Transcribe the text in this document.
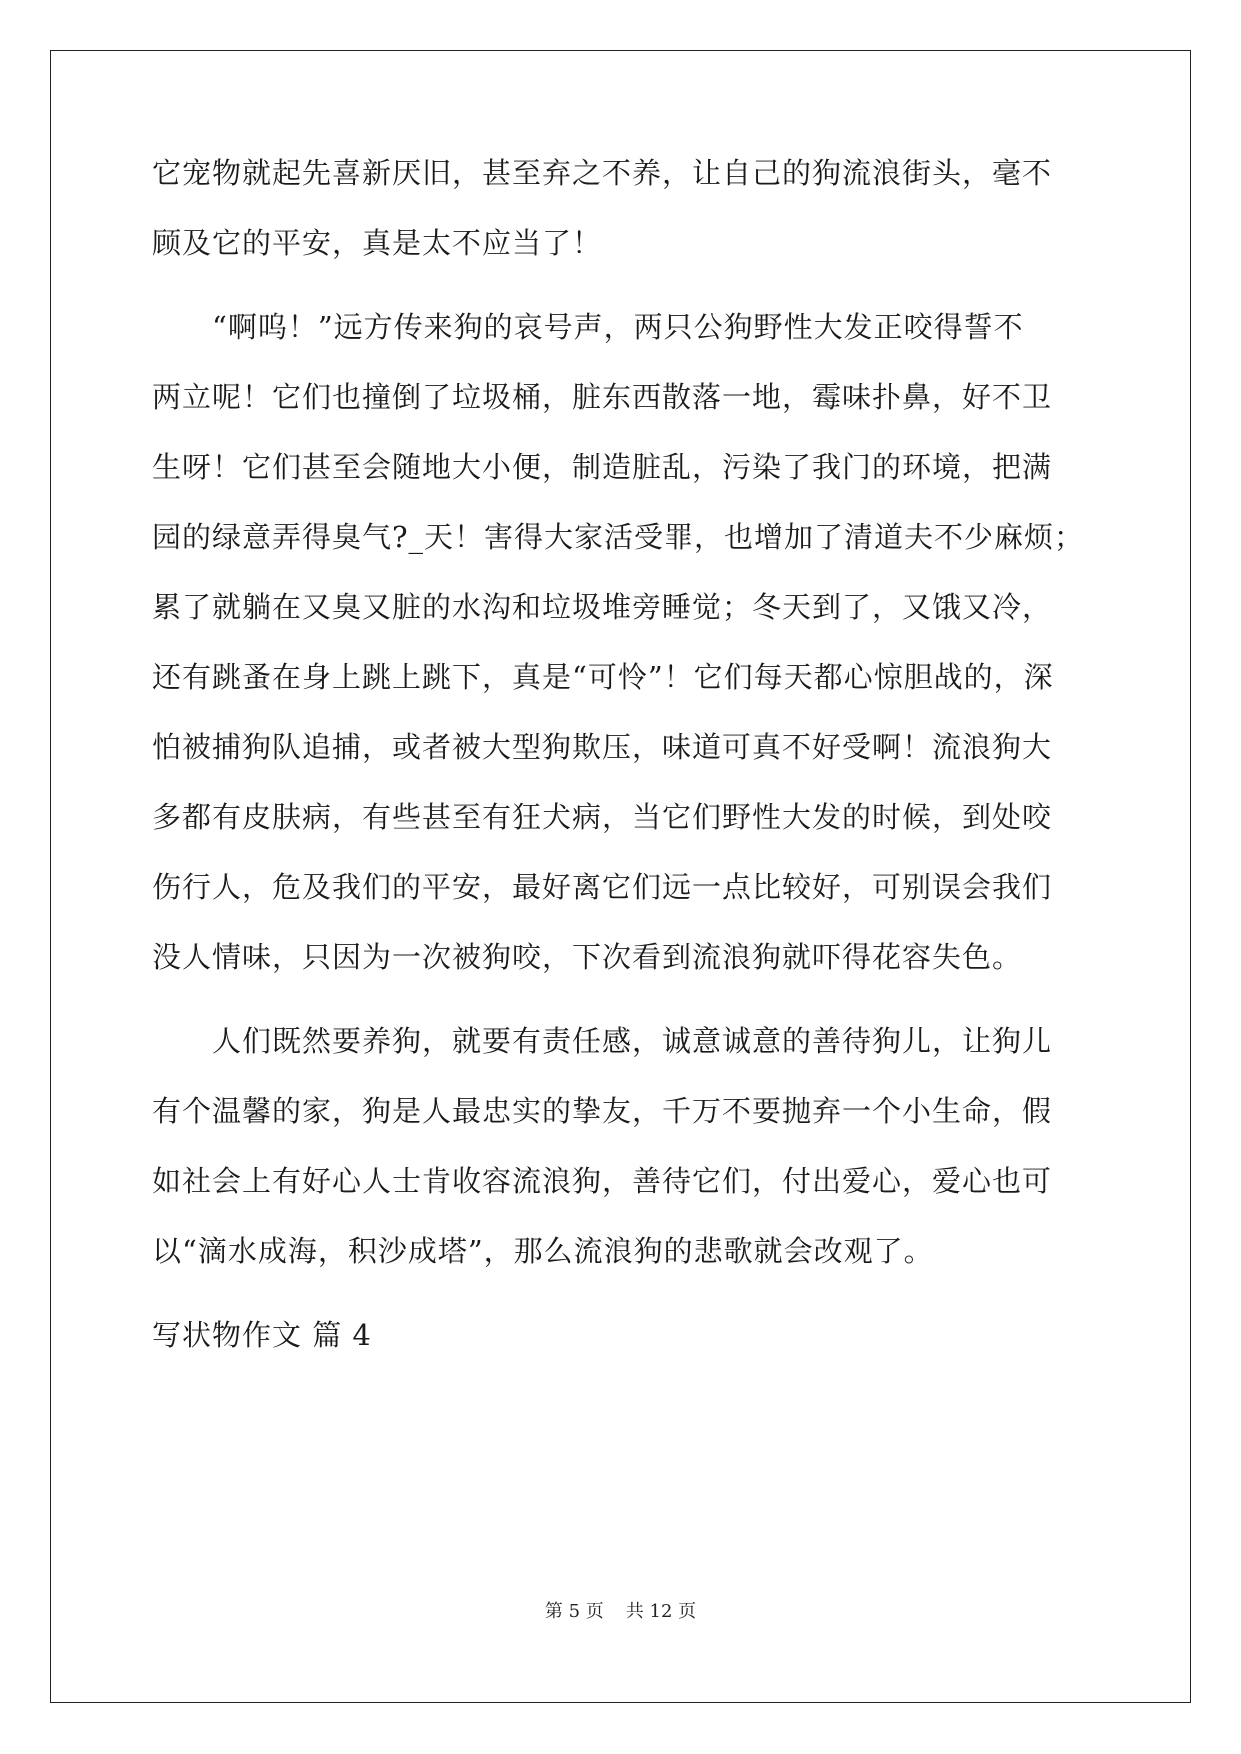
它宠物就起先喜新厌旧，甚至弃之不养，让自己的狗流浪街头，毫不
顾及它的平安，真是太不应当了！
“啊呜！”远方传来狗的哀号声，两只公狗野性大发正咬得誓不
两立呢！它们也撞倒了垃圾桶，脏东西散落一地，霉味扑鼻，好不卫
生呀！它们甚至会随地大小便，制造脏乱，污染了我门的环境，把满
园的绿意弄得臭气?_天！害得大家活受罪，也增加了清道夫不少麻烦；
累了就躺在又臭又脏的水沟和垃圾堆旁睡觉；冬天到了，又饿又冷，
还有跳蚤在身上跳上跳下，真是“可怜”！它们每天都心惊胆战的，深
怕被捕狗队追捕，或者被大型狗欺压，味道可真不好受啊！流浪狗大
多都有皮肤病，有些甚至有狂犬病，当它们野性大发的时候，到处咬
伤行人，危及我们的平安，最好离它们远一点比较好，可别误会我们
没人情味，只因为一次被狗咬，下次看到流浪狗就吓得花容失色。
人们既然要养狗，就要有责任感，诚意诚意的善待狗儿，让狗儿
有个温馨的家，狗是人最忠实的挚友，千万不要抛弃一个小生命，假
如社会上有好心人士肯收容流浪狗，善待它们，付出爱心，爱心也可
以“滴水成海，积沙成塔”，那么流浪狗的悲歌就会改观了。
写状物作文 篇 4
第 5 页 共 12 页
